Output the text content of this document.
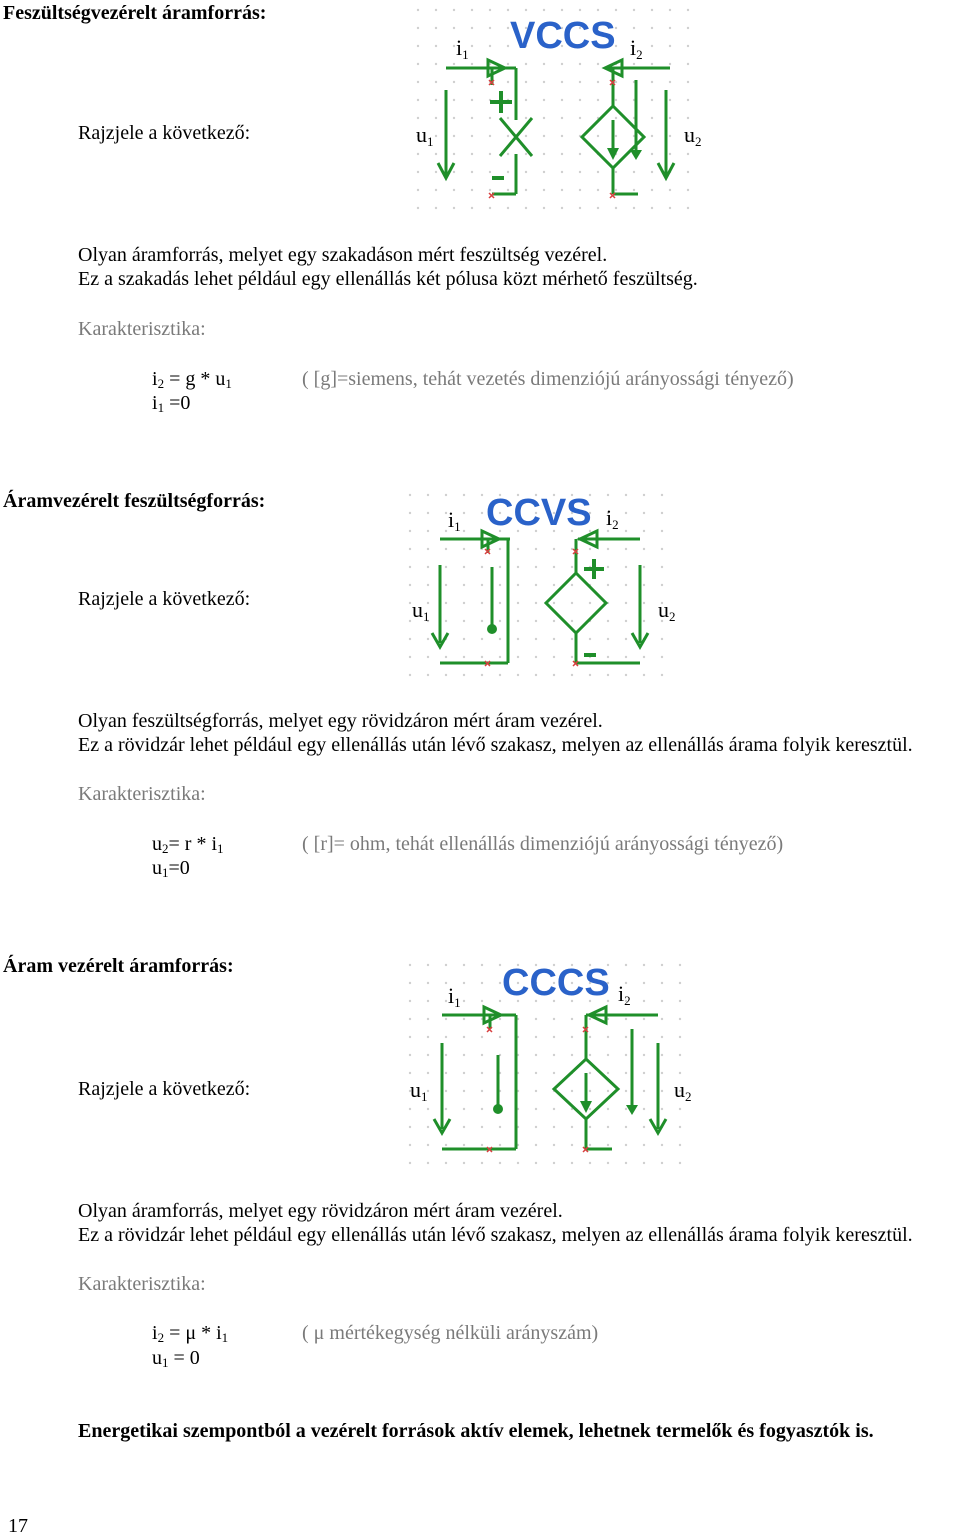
Feszültségvezérelt áramforrás:
Rajzjele a következő:
VCCS
i1	i2
u1	u2
Olyan áramforrás, melyet egy szakadáson mért feszültség vezérel.
Ez a szakadás lehet például egy ellenállás két pólusa közt mérhető feszültség.
Karakterisztika:
$i_2 = g * u_1$
$i_1 =0$
( [g]=siemens, tehát vezetés dimenziójú arányossági tényező)
Áramvezérelt feszültségforrás:
Rajzjele a következő:
CCVS
i1	i2
u1	u2
Olyan feszültségforrás, melyet egy rövidzáron mért áram vezérel.
Ez a rövidzár lehet például egy ellenállás után lévő szakasz, melyen az ellenállás árama folyik keresztül.
Karakterisztika:
$u_2= r * i_1$
$u_1=0$
( [r]= ohm, tehát ellenállás dimenziójú arányossági tényező)
Áram vezérelt áramforrás:
Rajzjele a következő:
CCCS
i1	i2
u1	u2
Olyan áramforrás, melyet egy rövidzáron mért áram vezérel.
Ez a rövidzár lehet például egy ellenállás után lévő szakasz, melyen az ellenállás árama folyik keresztül.
Karakterisztika:
$i_2 = \mu * i_1$
$u_1 = 0$
( μ mértékegység nélküli arányszám)
Energetikai szempontból a vezérelt források aktív elemek, lehetnek termelők és fogyasztók is.
17
